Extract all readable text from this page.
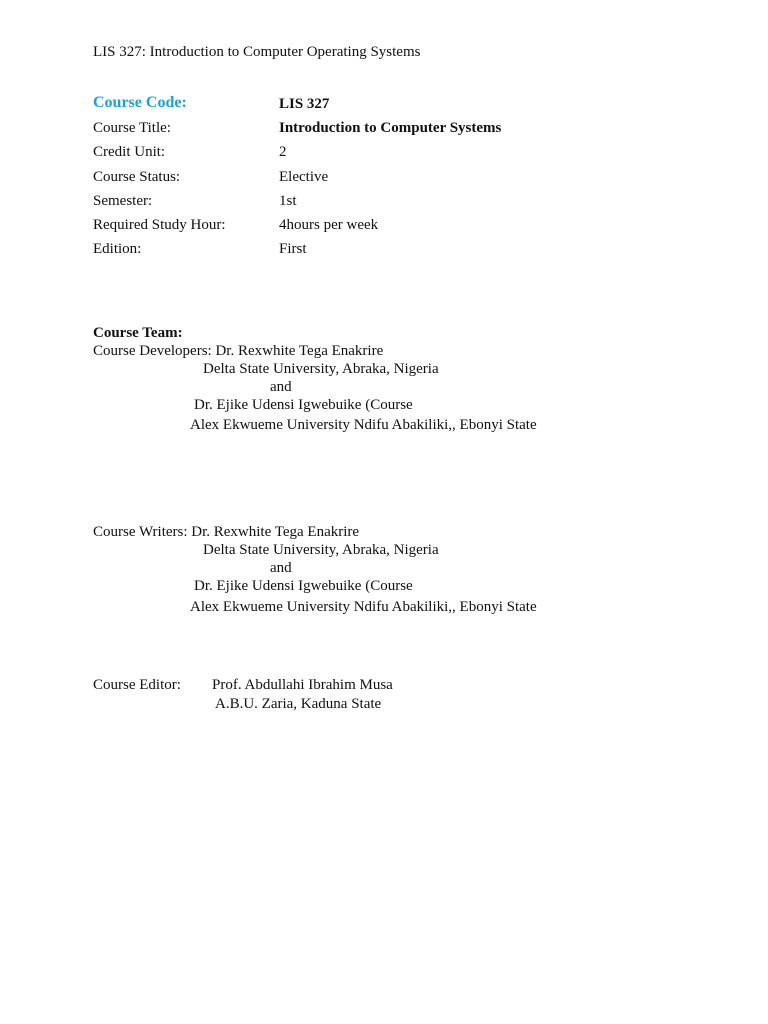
LIS 327: Introduction to Computer Operating Systems
Course Code:	LIS 327
Course Title:	Introduction to Computer Systems
Credit Unit:	2
Course Status:	Elective
Semester:	1st
Required Study Hour:	4hours per week
Edition:	First
Course Team:
Course Developers: Dr. Rexwhite Tega Enakrire
Delta State University, Abraka, Nigeria
and
Dr. Ejike Udensi Igwebuike (Course
Alex Ekwueme University Ndifu Abakiliki,, Ebonyi State
Course Writers: Dr. Rexwhite Tega Enakrire
Delta State University, Abraka, Nigeria
and
Dr. Ejike Udensi Igwebuike (Course
Alex Ekwueme University Ndifu Abakiliki,, Ebonyi State
Course Editor: Prof. Abdullahi Ibrahim Musa
A.B.U. Zaria, Kaduna State
